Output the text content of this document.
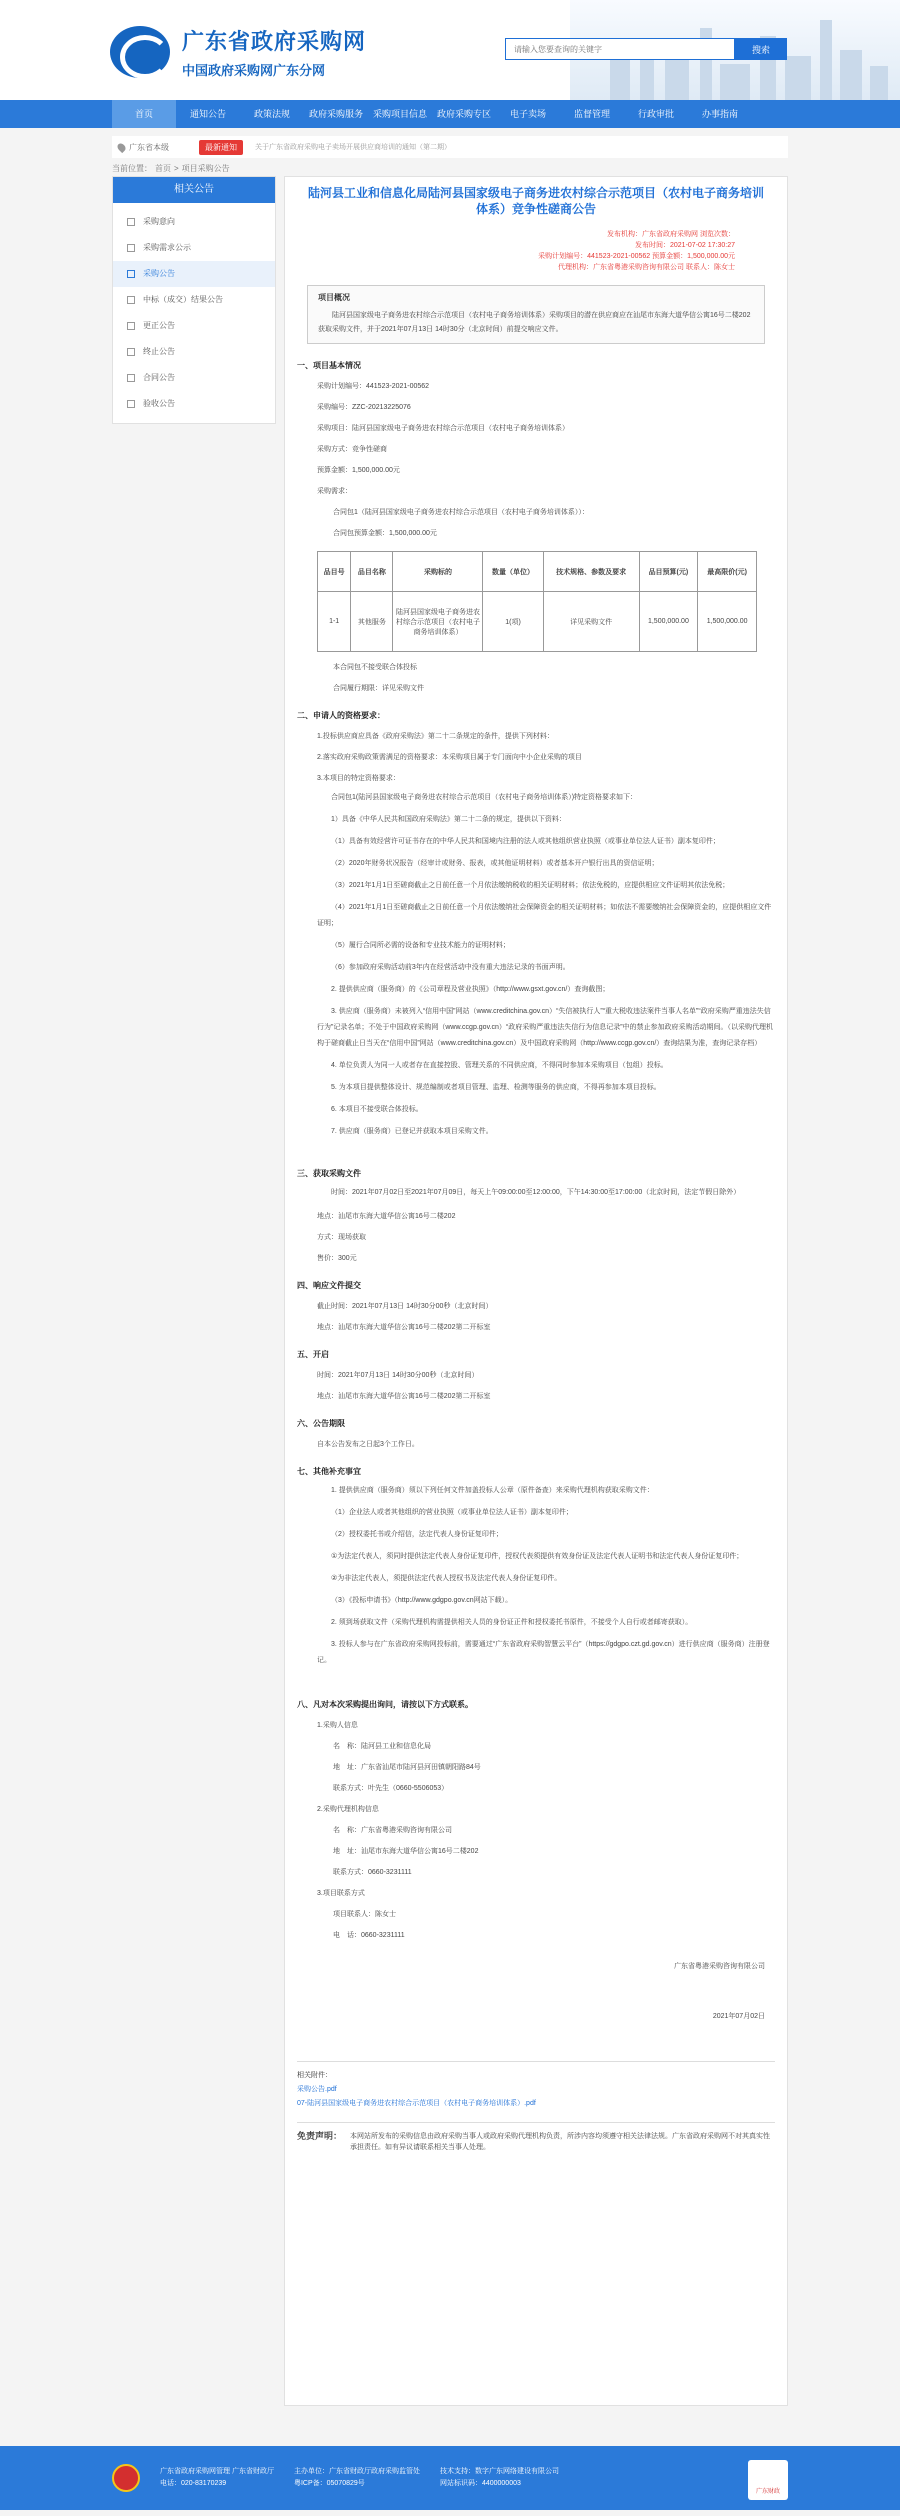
广东省政府采购网
中国政府采购网广东分网
请输入您要查询的关键字
搜索
首页	通知公告	政策法规	政府采购服务	采购项目信息	政府采购专区	电子卖场	监督管理	行政审批	办事指南
广东省本级	最新通知	关于广东省政府采购电子卖场开展供应商培训的通知（第二期）
当前位置： 首页 > 项目采购公告
相关公告
采购意向
采购需求公示
采购公告
中标（成交）结果公告
更正公告
终止公告
合同公告
验收公告
陆河县工业和信息化局陆河县国家级电子商务进农村综合示范项目（农村电子商务培训体系）竞争性磋商公告
发布机构：广东省政府采购网 浏览次数：
发布时间：2021-07-02 17:30:27
采购计划编号：441523-2021-00562 预算金额：1,500,000.00元
代理机构：广东省粤港采购咨询有限公司 联系人：陈女士
项目概况

陆河县国家级电子商务进农村综合示范项目（农村电子商务培训体系）采购项目的潜在供应商应在汕尾市东海大道华信公寓16号二楼202获取采购文件，并于2021年07月13日 14时30分（北京时间）前提交响应文件。

一、项目基本情况
采购计划编号：441523-2021-00562
采购编号：ZZC-20213225076
采购项目：陆河县国家级电子商务进农村综合示范项目（农村电子商务培训体系）
采购方式：竞争性磋商
预算金额：1,500,000.00元
采购需求：
合同包1（陆河县国家级电子商务进农村综合示范项目（农村电子商务培训体系））：
合同包预算金额：1,500,000.00元
品目号	品目名称	采购标的	数量（单位）	技术规格、参数及要求	品目预算(元)	最高限价(元)
1-1	其他服务	陆河县国家级电子商务进农村综合示范项目（农村电子商务培训体系）	1(项)	详见采购文件	1,500,000.00	1,500,000.00
本合同包不接受联合体投标
合同履行期限：详见采购文件
二、申请人的资格要求：
1.投标供应商应具备《政府采购法》第二十二条规定的条件，提供下列材料：
2.落实政府采购政策需满足的资格要求：本采购项目属于专门面向中小企业采购的项目
3.本项目的特定资格要求：
合同包1(陆河县国家级电子商务进农村综合示范项目（农村电子商务培训体系）)特定资格要求如下：
1）具备《中华人民共和国政府采购法》第二十二条的规定，提供以下资料：
（1）具备有效经营许可证书存在的中华人民共和国境内注册的法人或其他组织营业执照（或事业单位法人证书）副本复印件；
（2）2020年财务状况报告（经审计或财务、报表，或其他证明材料）或者基本开户银行出具的资信证明；
（3）2021年1月1日至磋商截止之日前任意一个月依法缴纳税收的相关证明材料；依法免税的，应提供相应文件证明其依法免税；
（4）2021年1月1日至磋商截止之日前任意一个月依法缴纳社会保障资金的相关证明材料；如依法不需要缴纳社会保障资金的，应提供相应文件证明；
（5）履行合同所必需的设备和专业技术能力的证明材料；
（6）参加政府采购活动前3年内在经营活动中没有重大违法记录的书面声明。
2. 提供供应商（服务商）的《公司章程及营业执照》（http://www.gsxt.gov.cn/）查询截图；
3. 供应商（服务商）未被列入“信用中国”网站（www.creditchina.gov.cn）“失信被执行人”“重大税收违法案件当事人名单”“政府采购严重违法失信行为”记录名单；不处于中国政府采购网（www.ccgp.gov.cn）“政府采购严重违法失信行为信息记录”中的禁止参加政府采购活动期间。（以采购代理机构于磋商截止日当天在“信用中国”网站（www.creditchina.gov.cn）及中国政府采购网（http://www.ccgp.gov.cn/）查询结果为准，查询记录存档）
4. 单位负责人为同一人或者存在直接控股、管理关系的不同供应商，不得同时参加本采购项目（包组）投标。
5. 为本项目提供整体设计、规范编制或者项目管理、监理、检测等服务的供应商，不得再参加本项目投标。
6. 本项目不接受联合体投标。
7. 供应商（服务商）已登记并获取本项目采购文件。
三、获取采购文件
时间：2021年07月02日至2021年07月09日，每天上午09:00:00至12:00:00，下午14:30:00至17:00:00（北京时间，法定节假日除外）
地点：汕尾市东海大道华信公寓16号二楼202
方式：现场获取
售价：300元
四、响应文件提交
截止时间：2021年07月13日 14时30分00秒（北京时间）
地点：汕尾市东海大道华信公寓16号二楼202第二开标室
五、开启
时间：2021年07月13日 14时30分00秒（北京时间）
地点：汕尾市东海大道华信公寓16号二楼202第二开标室
六、公告期限
自本公告发布之日起3个工作日。
七、其他补充事宜
1. 提供供应商（服务商）须以下列任何文件加盖投标人公章（原件备查）来采购代理机构获取采购文件：
（1）企业法人或者其他组织的营业执照（或事业单位法人证书）副本复印件；
（2）授权委托书或介绍信，法定代表人身份证复印件；
①为法定代表人，须同时提供法定代表人身份证复印件，授权代表须提供有效身份证及法定代表人证明书和法定代表人身份证复印件；
②为非法定代表人，须提供法定代表人授权书及法定代表人身份证复印件。
（3）《投标申请书》（http://www.gdgpo.gov.cn网站下载）。
2. 须到场获取文件（采购代理机构需提供相关人员的身份证正件和授权委托书原件，不接受个人自行或者邮寄获取）。
3. 投标人参与在广东省政府采购网投标前，需要通过“广东省政府采购智慧云平台”（https://gdgpo.czt.gd.gov.cn）进行供应商（服务商）注册登记。
八、凡对本次采购提出询问，请按以下方式联系。
1.采购人信息
名　称：陆河县工业和信息化局
地　址：广东省汕尾市陆河县河田镇朝阳路84号
联系方式：叶先生（0660-5506053）
2.采购代理机构信息
名　称：广东省粤港采购咨询有限公司
地　址：汕尾市东海大道华信公寓16号二楼202
联系方式：0660-3231111
3.项目联系方式
项目联系人：陈女士
电　话：0660-3231111
广东省粤港采购咨询有限公司
2021年07月02日
相关附件：
采购公告.pdf
07-陆河县国家级电子商务进农村综合示范项目（农村电子商务培训体系）.pdf
免责声明： 本网站所发布的采购信息由政府采购当事人或政府采购代理机构负责，所涉内容均须遵守相关法律法规。广东省政府采购网不对其真实性承担责任。如有异议请联系相关当事人处理。
广东省政府采购网管理 广东省财政厅
电话：020-83170239
主办单位：广东省财政厅政府采购监管处
粤ICP备：05070829号
技术支持：数字广东网络建设有限公司
网站标识码：4400000003
广东财政
